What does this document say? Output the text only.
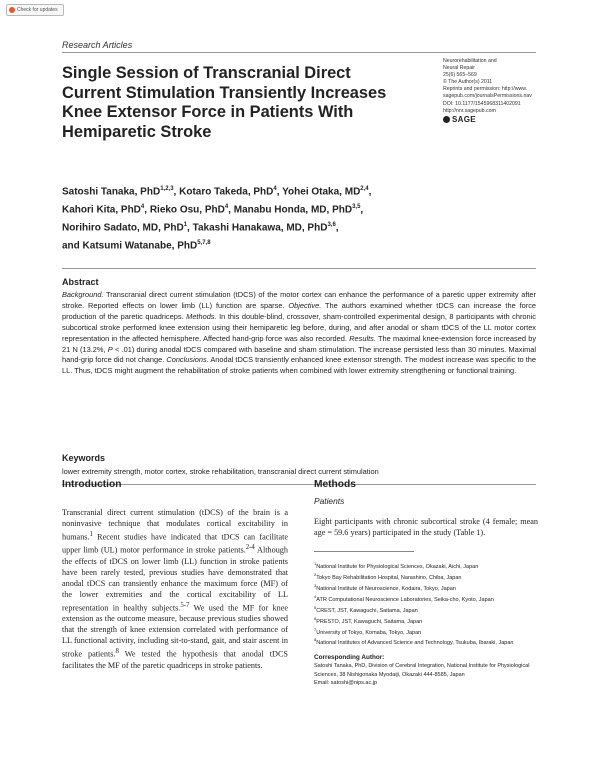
Check for updates
Research Articles
Single Session of Transcranial Direct Current Stimulation Transiently Increases Knee Extensor Force in Patients With Hemiparetic Stroke
Neurorehabilitation and
Neural Repair
25(6) 565–569
© The Author(s) 2011
Reprints and permission: http://www.
sagepub.com/journalsPermissions.nav
DOI: 10.1177/1545968311402091
http://nnr.sagepub.com
SAGE
Satoshi Tanaka, PhD$^{1,2,3}$, Kotaro Takeda, PhD$^4$, Yohei Otaka, MD$^{2,4}$,
Kahori Kita, PhD$^4$, Rieko Osu, PhD$^4$, Manabu Honda, MD, PhD$^{3,5}$,
Norihiro Sadato, MD, PhD$^1$, Takashi Hanakawa, MD, PhD$^{3,6}$,
and Katsumi Watanabe, PhD$^{5,7,8}$
Abstract
Background. Transcranial direct current stimulation (tDCS) of the motor cortex can enhance the performance of a paretic upper extremity after stroke. Reported effects on lower limb (LL) function are sparse. Objective. The authors examined whether tDCS can increase the force production of the paretic quadriceps. Methods. In this double-blind, crossover, sham-controlled experimental design, 8 participants with chronic subcortical stroke performed knee extension using their hemiparetic leg before, during, and after anodal or sham tDCS of the LL motor cortex representation in the affected hemisphere. Affected hand-grip force was also recorded. Results. The maximal knee-extension force increased by 21 N (13.2%, P < .01) during anodal tDCS compared with baseline and sham stimulation. The increase persisted less than 30 minutes. Maximal hand-grip force did not change. Conclusions. Anodal tDCS transiently enhanced knee extensor strength. The modest increase was specific to the LL. Thus, tDCS might augment the rehabilitation of stroke patients when combined with lower extremity strengthening or functional training.
Keywords
lower extremity strength, motor cortex, stroke rehabilitation, transcranial direct current stimulation
Introduction
Transcranial direct current stimulation (tDCS) of the brain is a noninvasive technique that modulates cortical excitability in humans.$^1$ Recent studies have indicated that tDCS can facilitate upper limb (UL) motor performance in stroke patients.$^{2-4}$ Although the effects of tDCS on lower limb (LL) function in stroke patients have been rarely tested, previous studies have demonstrated that anodal tDCS can transiently enhance the maximum force (MF) of the lower extremities and the cortical excitability of LL representation in healthy subjects.$^{5-7}$ We used the MF for knee extension as the outcome measure, because previous studies showed that the strength of knee extension correlated with performance of LL functional activity, including sit-to-stand, gait, and stair ascent in stroke patients.$^8$ We tested the hypothesis that anodal tDCS facilitates the MF of the paretic quadriceps in stroke patients.
Methods
Patients
Eight participants with chronic subcortical stroke (4 female; mean age = 59.6 years) participated in the study (Table 1).
$^1$National Institute for Physiological Sciences, Okazaki, Aichi, Japan
$^2$Tokyo Bay Rehabilitation Hospital, Narashino, Chiba, Japan
$^3$National Institute of Neuroscience, Kodaira, Tokyo, Japan
$^4$ATR Computational Neuroscience Laboratories, Seika-cho, Kyoto, Japan
$^5$CREST, JST, Kawaguchi, Saitama, Japan
$^6$PRESTO, JST, Kawaguchi, Saitama, Japan
$^7$University of Tokyo, Komaba, Tokyo, Japan
$^8$National Institutes of Advanced Science and Technology, Tsukuba, Ibaraki, Japan
Corresponding Author:
Satoshi Tanaka, PhD, Division of Cerebral Integration, National Institute for Physiological Sciences, 38 Nishigonaka Myodaiji, Okazaki 444-8585, Japan
Email: satoshi@nips.ac.jp
